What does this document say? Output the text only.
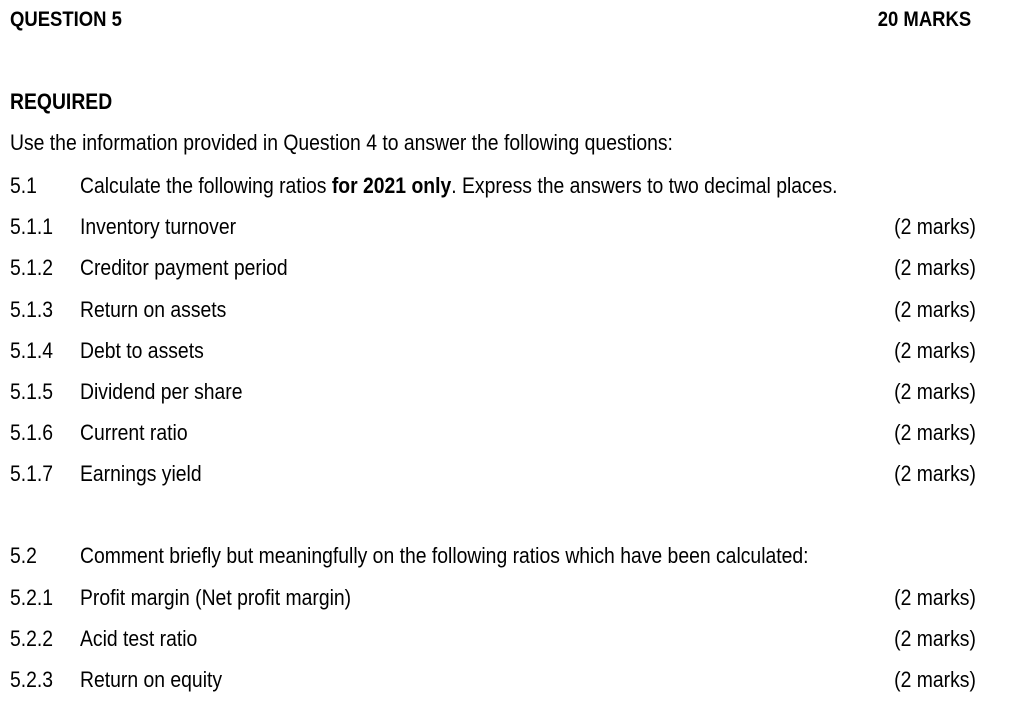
QUESTION 5	20 MARKS
REQUIRED
Use the information provided in Question 4 to answer the following questions:
5.1 Calculate the following ratios for 2021 only. Express the answers to two decimal places.
5.1.1 Inventory turnover	(2 marks)
5.1.2 Creditor payment period	(2 marks)
5.1.3 Return on assets	(2 marks)
5.1.4 Debt to assets	(2 marks)
5.1.5 Dividend per share	(2 marks)
5.1.6 Current ratio	(2 marks)
5.1.7 Earnings yield	(2 marks)
5.2 Comment briefly but meaningfully on the following ratios which have been calculated:
5.2.1 Profit margin (Net profit margin)	(2 marks)
5.2.2 Acid test ratio	(2 marks)
5.2.3 Return on equity	(2 marks)
